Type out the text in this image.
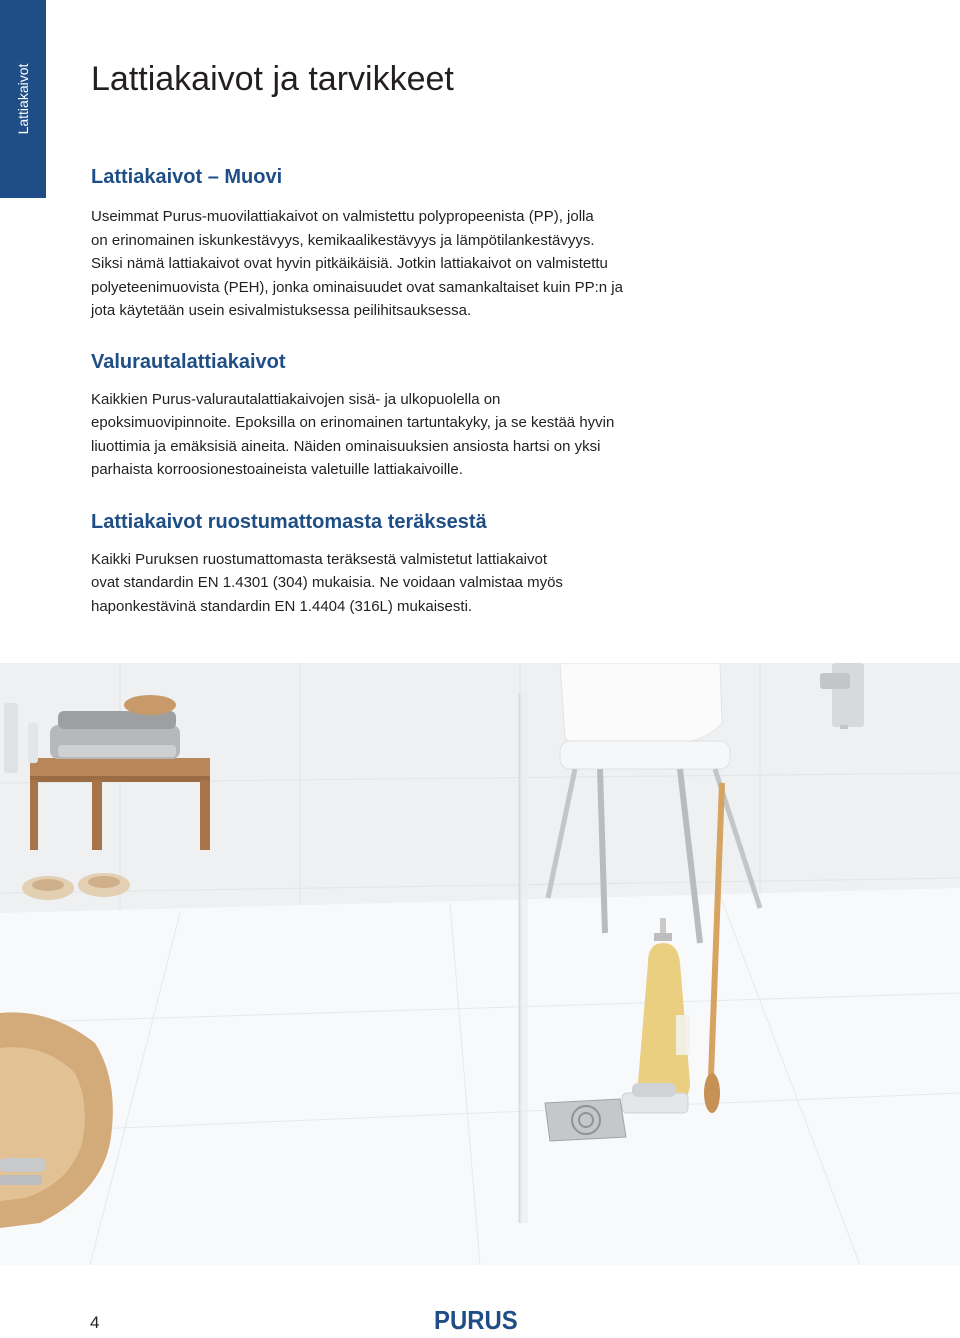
Lattiakaivot Lattiakaivot ja tarvikkeet
Lattiakaivot – Muovi

Useimmat Purus-muovilattiakaivot on valmistettu polypropeenista (PP), jolla
on erinomainen iskunkestävyys, kemikaalikestävyys ja lämpötilankestävyys.
Siksi nämä lattiakaivot ovat hyvin pitkäikäisiä. Jotkin lattiakaivot on valmistettu
polyeteenimuovista (PEH), jonka ominaisuudet ovat samankaltaiset kuin PP:n ja
jota käytetään usein esivalmistuksessa peilihitsauksessa.

Valurautalattiakaivot

Kaikkien Purus-valurautalattiakaivojen sisä- ja ulkopuolella on
epoksimuovipinnoite. Epoksilla on erinomainen tartuntakyky, ja se kestää hyvin
liuottimia ja emäksisiä aineita. Näiden ominaisuuksien ansiosta hartsi on yksi
parhaista korroosionestoaineista valetuille lattiakaivoille.

Lattiakaivot ruostumattomasta teräksestä

Kaikki Puruksen ruostumattomasta teräksestä valmistetut lattiakaivot
ovat standardin EN 1.4301 (304) mukaisia. Ne voidaan valmistaa myös
haponkestävinä standardin EN 1.4404 (316L) mukaisesti.

4	PURUS
